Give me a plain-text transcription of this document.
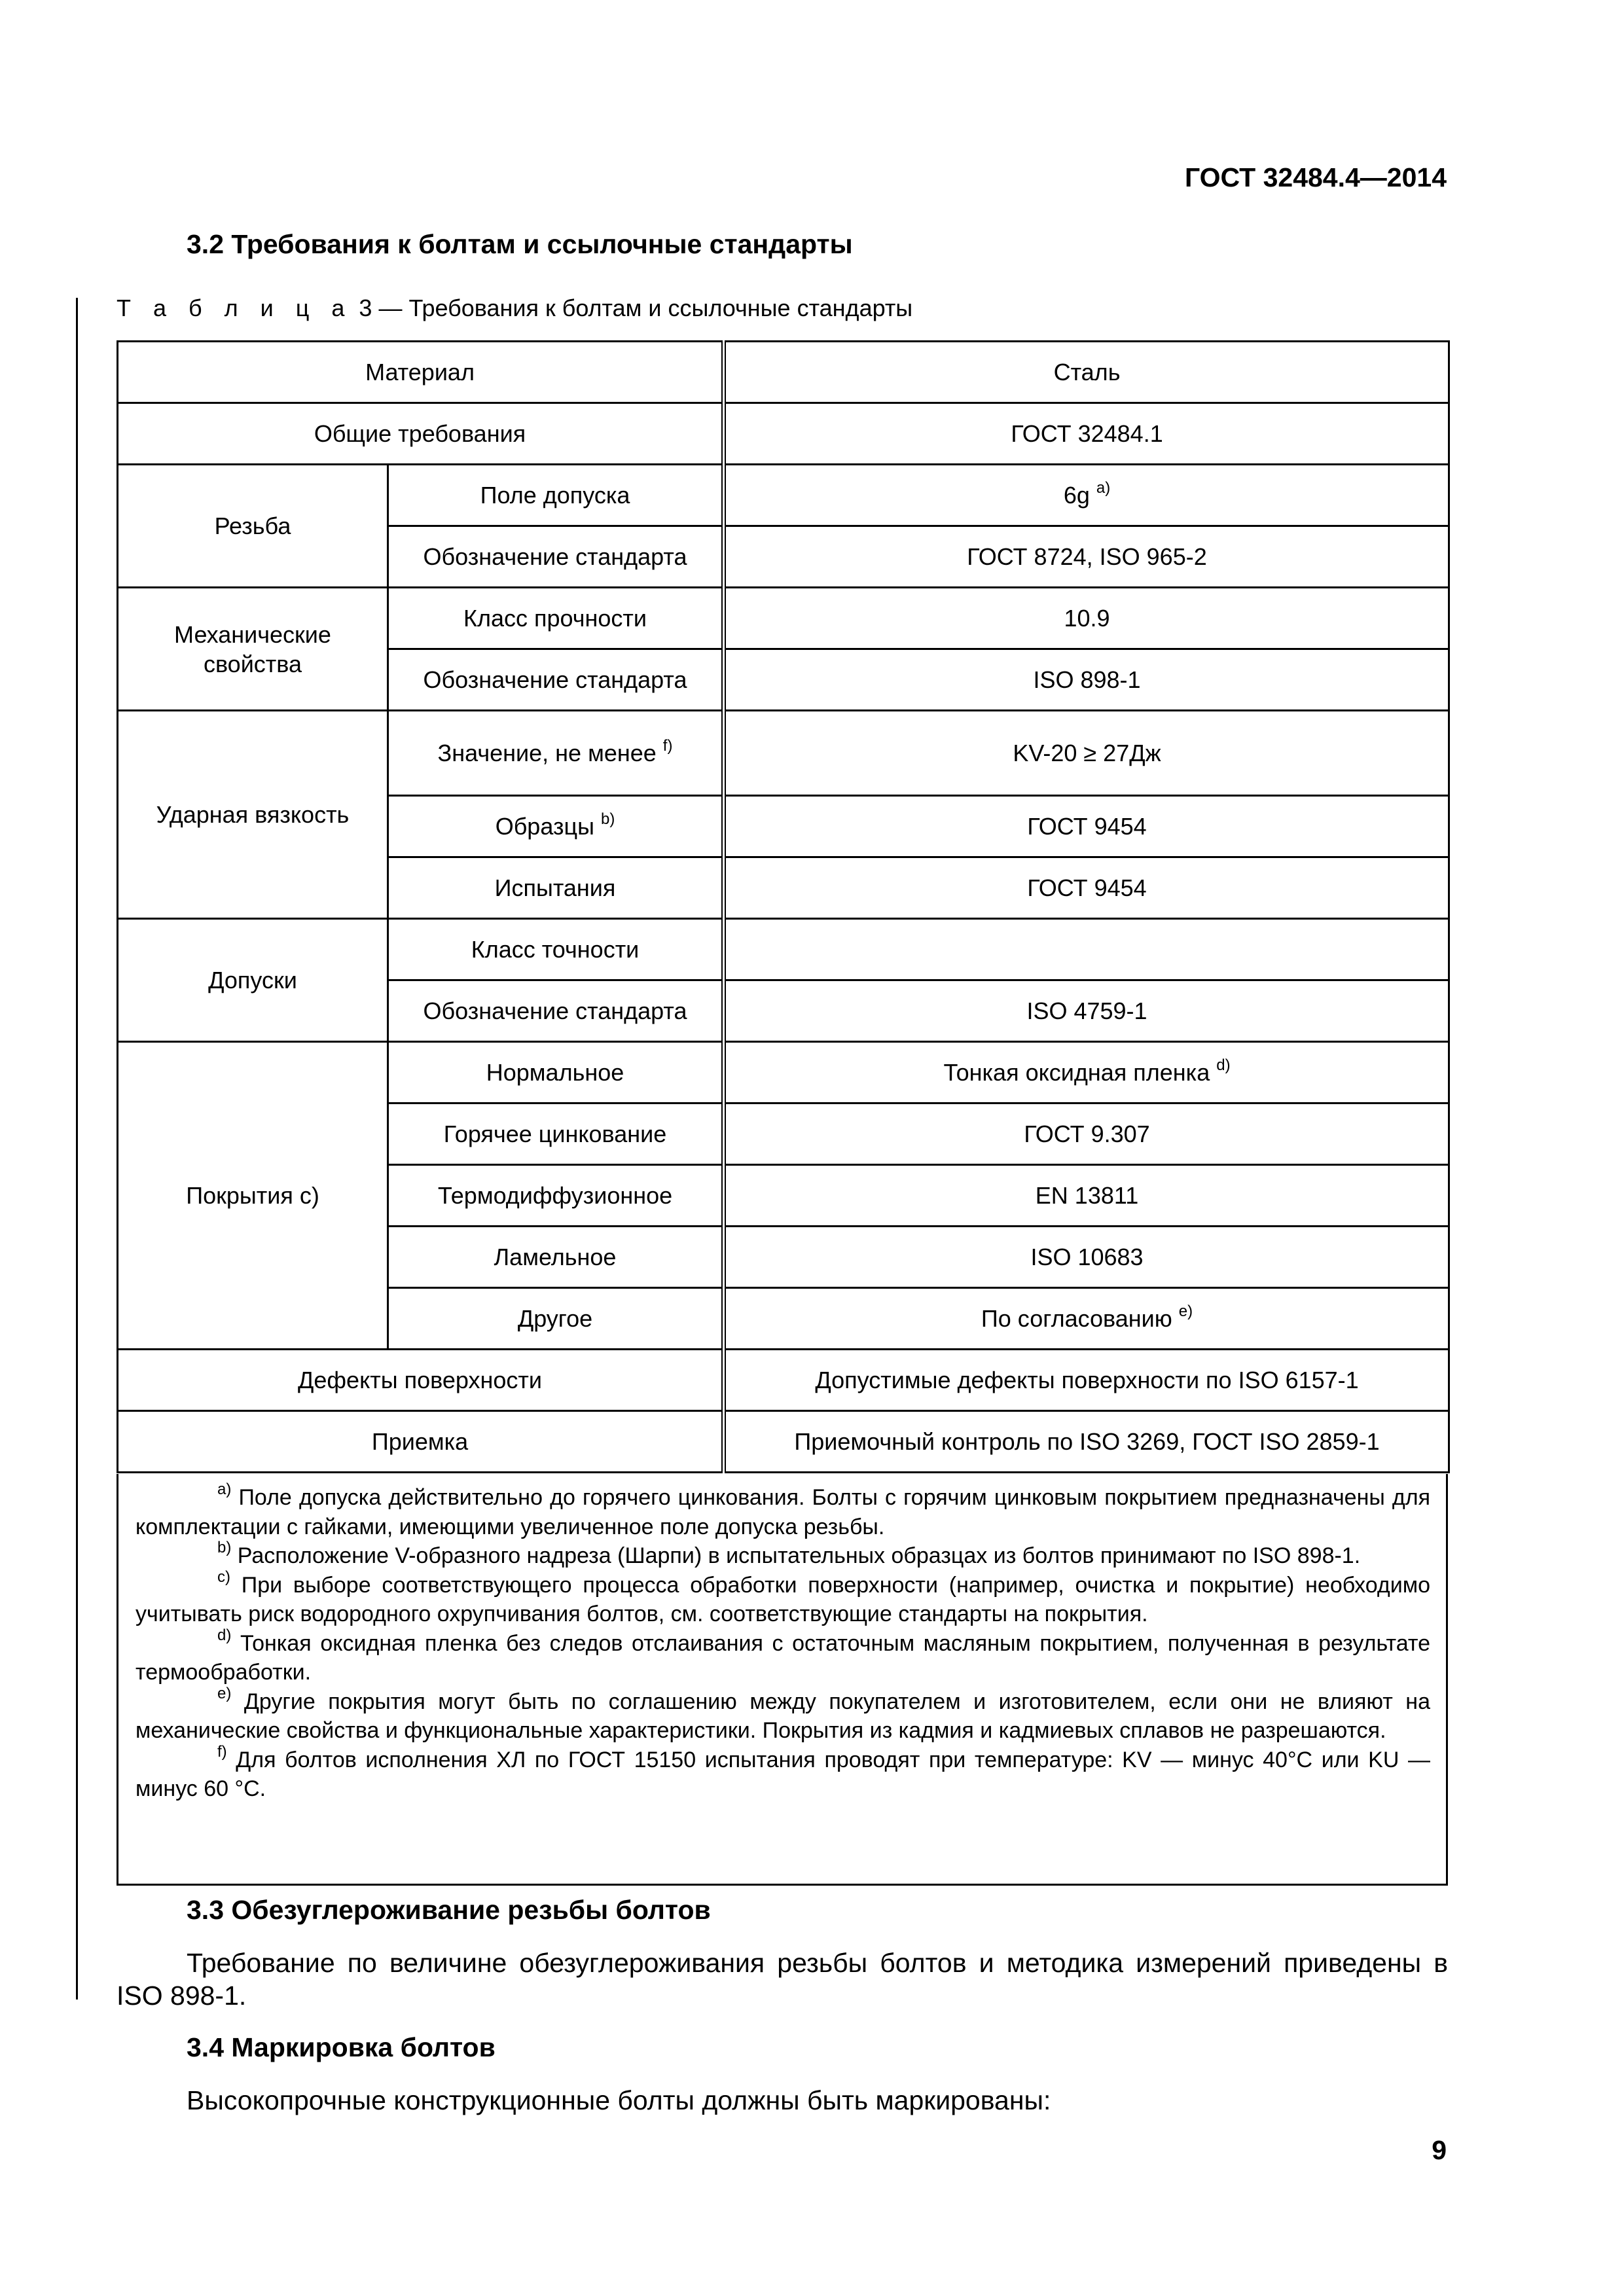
ГОСТ 32484.4—2014
3.2 Требования к болтам и ссылочные стандарты
Т а б л и ц а 3 — Требования к болтам и ссылочные стандарты
Материал		Сталь
Общие требования		ГОСТ 32484.1
Резьба	Поле допуска	6g $^{a)}$
	Обозначение стандарта	ГОСТ 8724, ISO 965-2
Механические свойства	Класс прочности	10.9
	Обозначение стандарта	ISO 898-1
Ударная вязкость	Значение, не менее $^{f)}$	KV-20 ≥ 27Дж
	Образцы $^{b)}$	ГОСТ 9454
	Испытания	ГОСТ 9454
Допуски	Класс точности	
	Обозначение стандарта	ISO 4759-1
Покрытия с)	Нормальное	Тонкая оксидная пленка $^{d)}$
	Горячее цинкование	ГОСТ 9.307
	Термодиффузионное	EN 13811
	Ламельное	ISO 10683
	Другое	По согласованию $^{e)}$
Дефекты поверхности		Допустимые дефекты поверхности по ISO 6157-1
Приемка		Приемочный контроль по ISO 3269, ГОСТ ISO 2859-1

$^{a)}$ Поле допуска действительно до горячего цинкования. Болты с горячим цинковым покрытием предназначены для комплектации с гайками, имеющими увеличенное поле допуска резьбы.

$^{b)}$ Расположение V-образного надреза (Шарпи) в испытательных образцах из болтов принимают по ISO 898-1.

$^{c)}$ При выборе соответствующего процесса обработки поверхности (например, очистка и покрытие) необходимо учитывать риск водородного охрупчивания болтов, см. соответствующие стандарты на покрытия.

$^{d)}$ Тонкая оксидная пленка без следов отслаивания с остаточным масляным покрытием, полученная в результате термообработки.

$^{e)}$ Другие покрытия могут быть по соглашению между покупателем и изготовителем, если они не влияют на механические свойства и функциональные характеристики. Покрытия из кадмия и кадмиевых сплавов не разрешаются.

$^{f)}$ Для болтов исполнения ХЛ по ГОСТ 15150 испытания проводят при температуре: KV — минус 40°С или KU — минус 60 °С.

3.3 Обезуглероживание резьбы болтов
Требование по величине обезуглероживания резьбы болтов и методика измерений приведены в ISO 898-1.
3.4 Маркировка болтов
Высокопрочные конструкционные болты должны быть маркированы:
9
